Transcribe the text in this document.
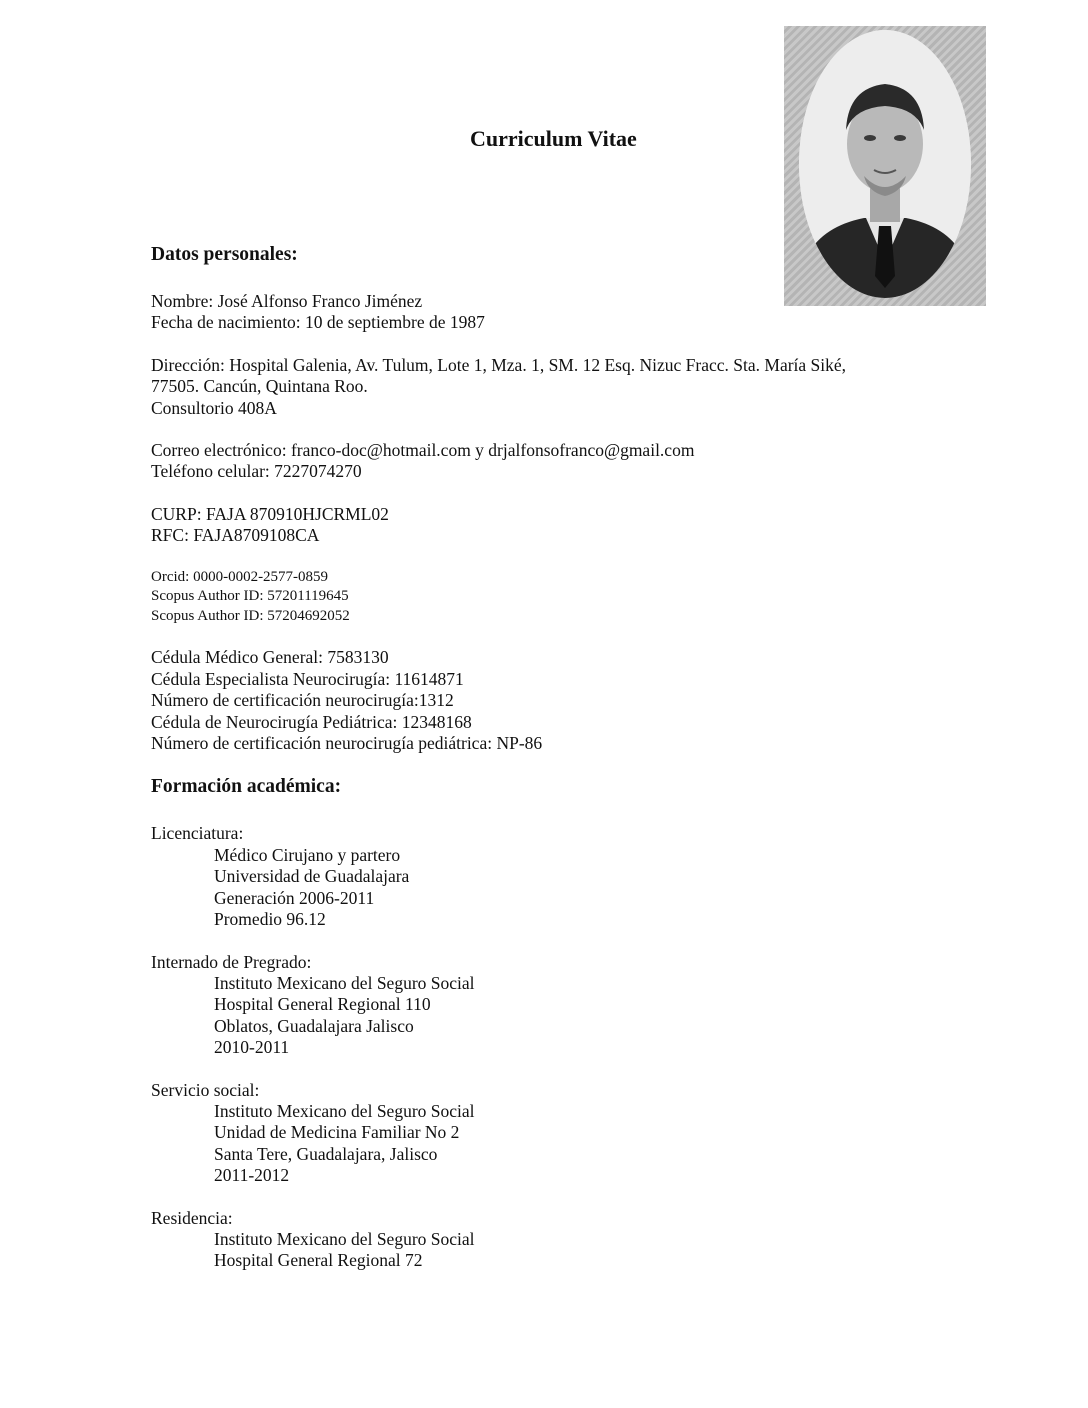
Curriculum Vitae
Datos personales:
Nombre: José Alfonso Franco Jiménez
Fecha de nacimiento: 10 de septiembre de 1987
Dirección: Hospital Galenia, Av. Tulum, Lote 1, Mza. 1, SM. 12 Esq. Nizuc Fracc. Sta. María Siké,
77505. Cancún, Quintana Roo.
Consultorio 408A
Correo electrónico: franco-doc@hotmail.com y drjalfonsofranco@gmail.com
Teléfono celular: 7227074270
CURP: FAJA 870910HJCRML02
RFC: FAJA8709108CA
Orcid: 0000-0002-2577-0859
Scopus Author ID: 57201119645
Scopus Author ID: 57204692052
Cédula Médico General: 7583130
Cédula Especialista Neurocirugía: 11614871
Número de certificación neurocirugía:1312
Cédula de Neurocirugía Pediátrica: 12348168
Número de certificación neurocirugía pediátrica: NP-86
Formación académica:
Licenciatura:
Médico Cirujano y partero
Universidad de Guadalajara
Generación 2006-2011
Promedio 96.12
Internado de Pregrado:
Instituto Mexicano del Seguro Social
Hospital General Regional 110
Oblatos, Guadalajara Jalisco
2010-2011
Servicio social:
Instituto Mexicano del Seguro Social
Unidad de Medicina Familiar No 2
Santa Tere, Guadalajara, Jalisco
2011-2012
Residencia:
Instituto Mexicano del Seguro Social
Hospital General Regional 72
